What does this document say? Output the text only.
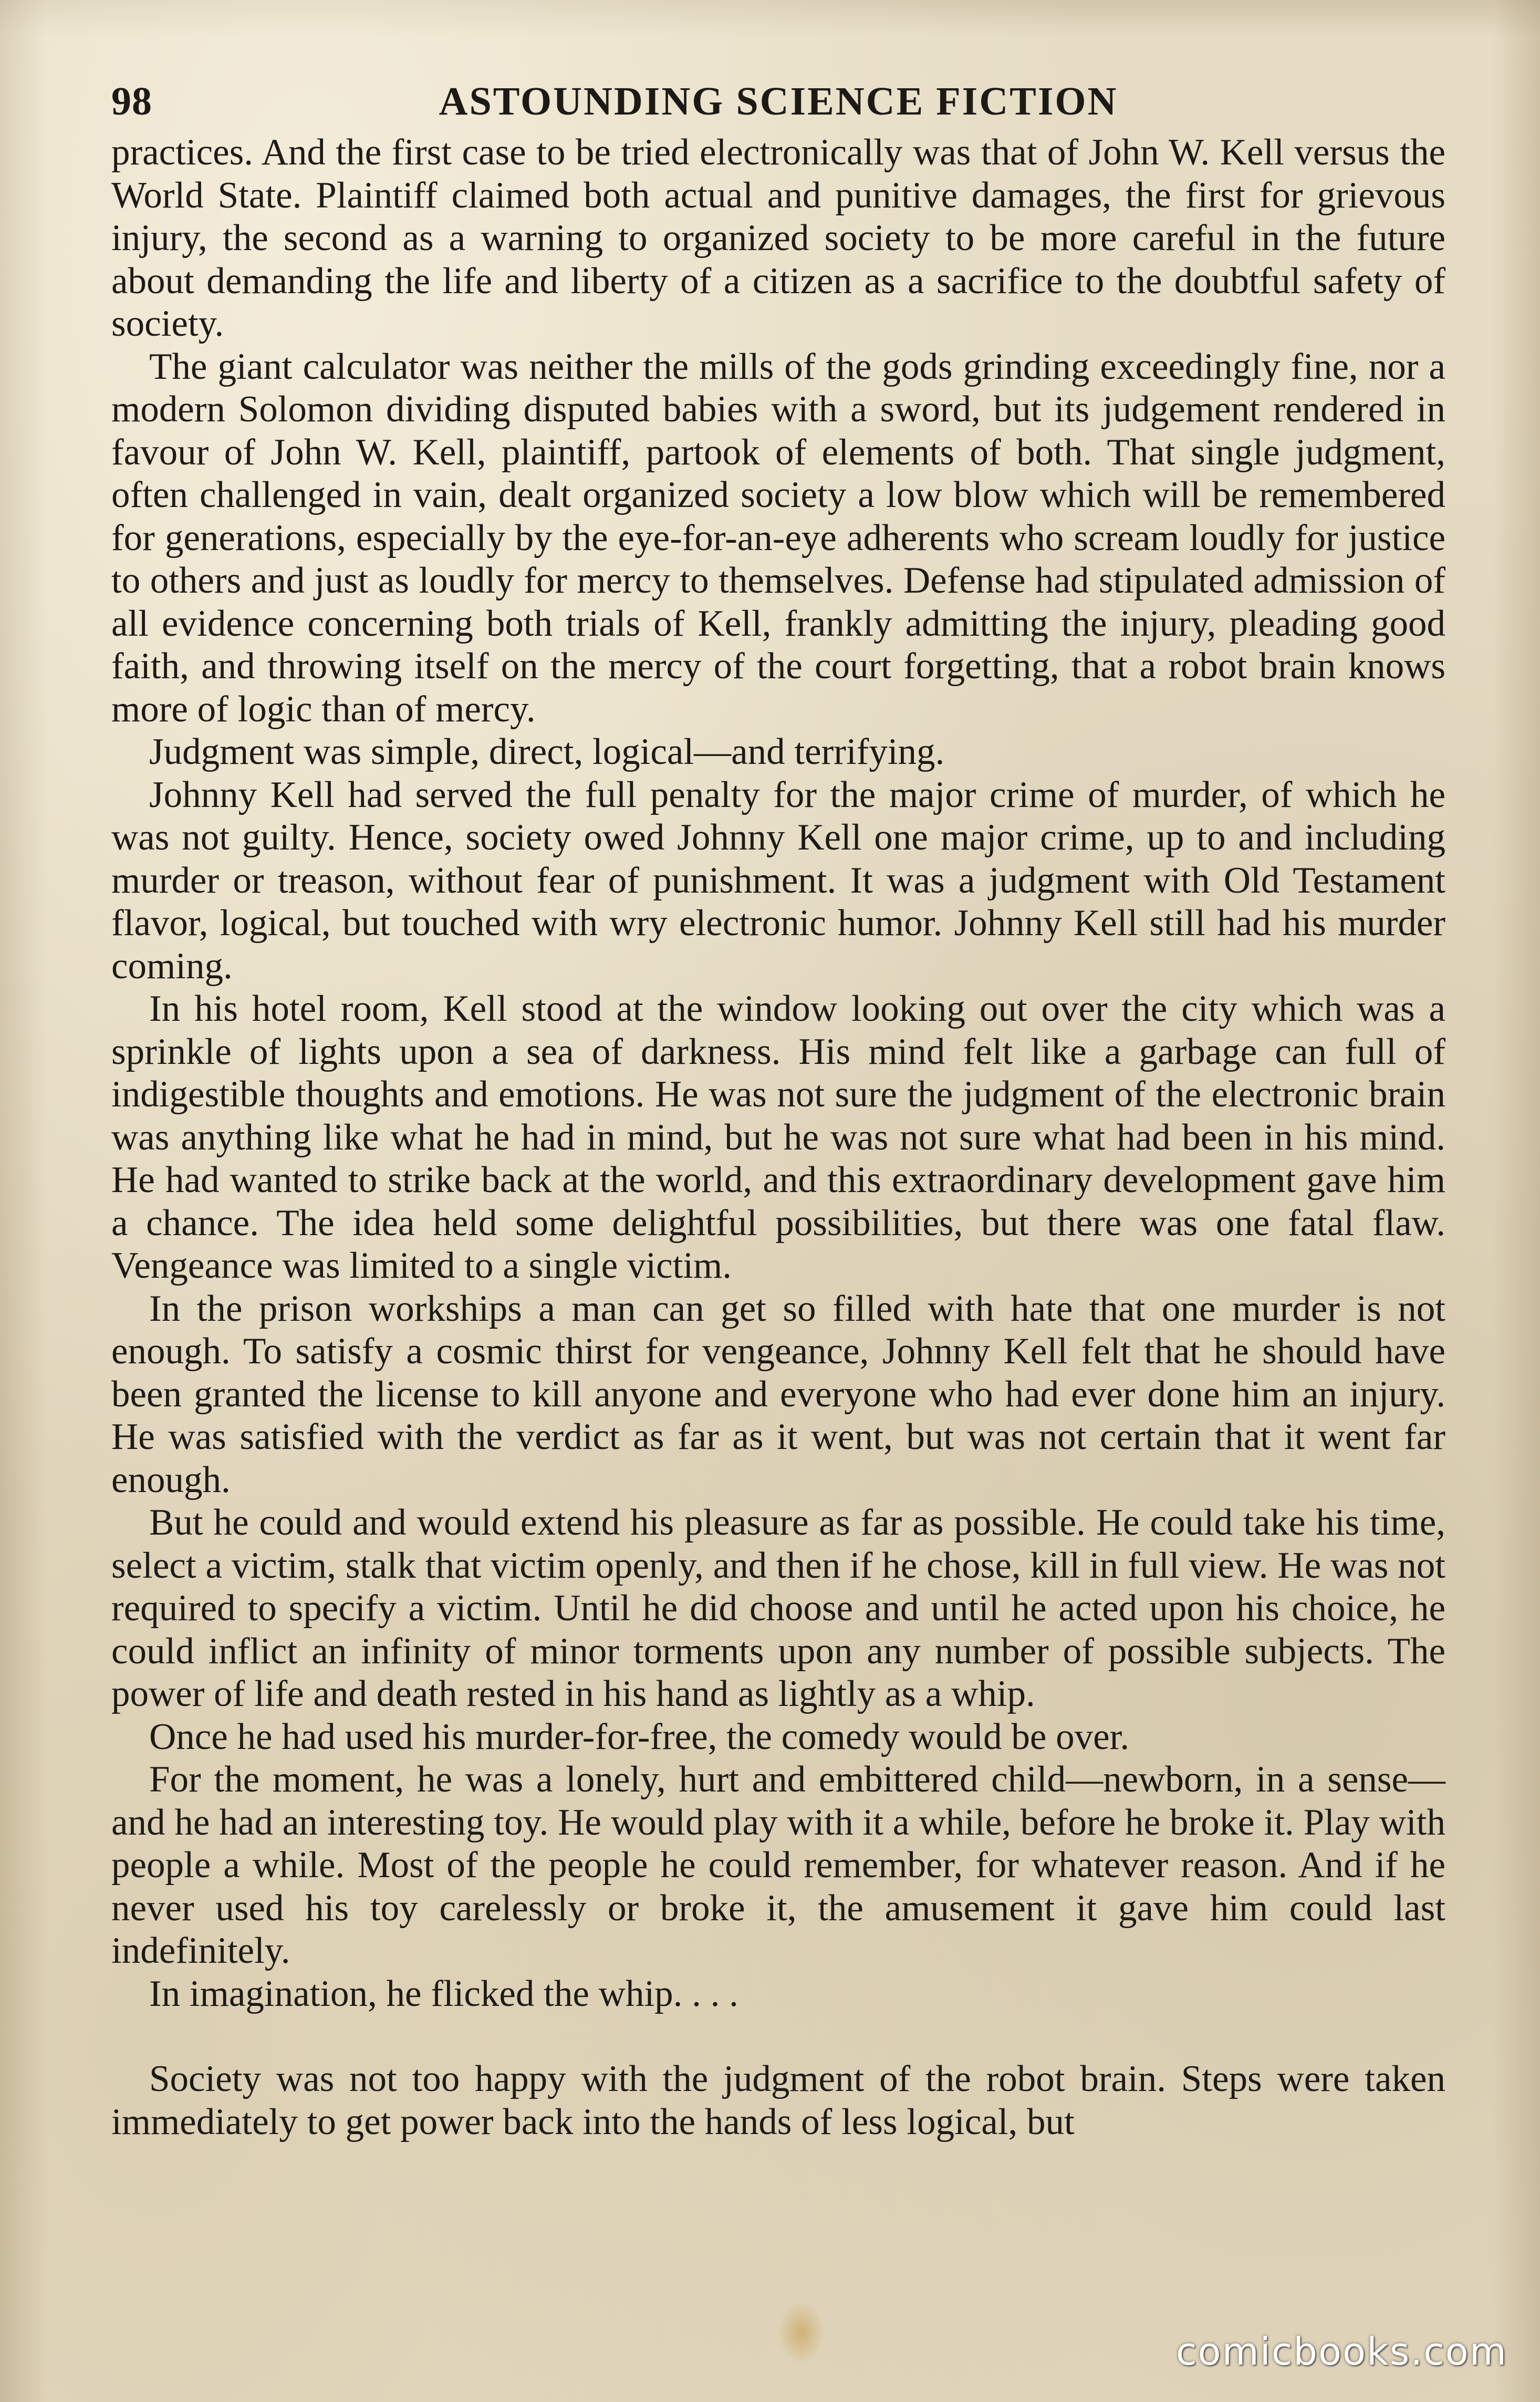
98	ASTOUNDING SCIENCE FICTION

practices. And the first case to be tried electronically was that of John W. Kell versus the World State. Plaintiff claimed both actual and punitive damages, the first for grievous injury, the second as a warning to organized society to be more careful in the future about demanding the life and liberty of a citizen as a sacrifice to the doubtful safety of society.

The giant calculator was neither the mills of the gods grinding exceedingly fine, nor a modern Solomon dividing disputed babies with a sword, but its judgement rendered in favour of John W. Kell, plaintiff, partook of elements of both. That single judgment, often challenged in vain, dealt organized society a low blow which will be remembered for generations, especially by the eye-for-an-eye adherents who scream loudly for justice to others and just as loudly for mercy to themselves. Defense had stipulated admission of all evidence concerning both trials of Kell, frankly admitting the injury, pleading good faith, and throwing itself on the mercy of the court forgetting, that a robot brain knows more of logic than of mercy.

Judgment was simple, direct, logical—and terrifying.

Johnny Kell had served the full penalty for the major crime of murder, of which he was not guilty. Hence, society owed Johnny Kell one major crime, up to and including murder or treason, without fear of punishment. It was a judgment with Old Testament flavor, logical, but touched with wry electronic humor. Johnny Kell still had his murder coming.

In his hotel room, Kell stood at the window looking out over the city which was a sprinkle of lights upon a sea of darkness. His mind felt like a garbage can full of indigestible thoughts and emotions. He was not sure the judgment of the electronic brain was anything like what he had in mind, but he was not sure what had been in his mind. He had wanted to strike back at the world, and this extraordinary development gave him a chance. The idea held some delightful possibilities, but there was one fatal flaw. Vengeance was limited to a single victim.

In the prison workships a man can get so filled with hate that one murder is not enough. To satisfy a cosmic thirst for vengeance, Johnny Kell felt that he should have been granted the license to kill anyone and everyone who had ever done him an injury. He was satisfied with the verdict as far as it went, but was not certain that it went far enough.

But he could and would extend his pleasure as far as possible. He could take his time, select a victim, stalk that victim openly, and then if he chose, kill in full view. He was not required to specify a victim. Until he did choose and until he acted upon his choice, he could inflict an infinity of minor torments upon any number of possible subjects. The power of life and death rested in his hand as lightly as a whip.

Once he had used his murder-for-free, the comedy would be over.

For the moment, he was a lonely, hurt and embittered child—newborn, in a sense—and he had an interesting toy. He would play with it a while, before he broke it. Play with people a while. Most of the people he could remember, for whatever reason. And if he never used his toy carelessly or broke it, the amusement it gave him could last indefinitely.

In imagination, he flicked the whip. . . .

Society was not too happy with the judgment of the robot brain. Steps were taken immediately to get power back into the hands of less logical, but

comicbooks.com
